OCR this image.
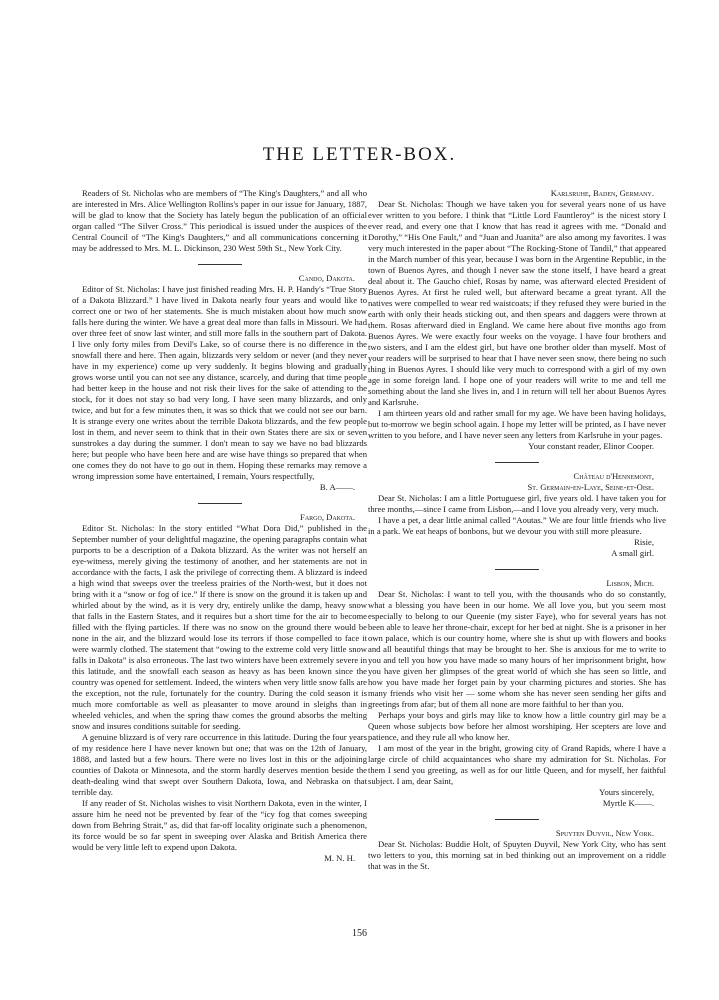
THE LETTER-BOX.

Readers of St. Nicholas who are members of “The King's Daughters,” and all who are interested in Mrs. Alice Wellington Rollins's paper in our issue for January, 1887, will be glad to know that the Society has lately begun the publication of an official organ called “The Silver Cross.” This periodical is issued under the auspices of the Central Council of “The King's Daughters,” and all communications concerning it may be addressed to Mrs. M. L. Dickinson, 230 West 59th St., New York City.

Cando, Dakota.

Editor of St. Nicholas: I have just finished reading Mrs. H. P. Handy's “True Story of a Dakota Blizzard.” I have lived in Dakota nearly four years and would like to correct one or two of her statements. She is much mistaken about how much snow falls here during the winter. We have a great deal more than falls in Missouri. We had over three feet of snow last winter, and still more falls in the southern part of Dakota. I live only forty miles from Devil's Lake, so of course there is no difference in the snowfall there and here. Then again, blizzards very seldom or never (and they never have in my experience) come up very suddenly. It begins blowing and gradually grows worse until you can not see any distance, scarcely, and during that time people had better keep in the house and not risk their lives for the sake of attending to the stock, for it does not stay so bad very long. I have seen many blizzards, and only twice, and but for a few minutes then, it was so thick that we could not see our barn. It is strange every one writes about the terrible Dakota blizzards, and the few people lost in them, and never seem to think that in their own States there are six or seven sunstrokes a day during the summer. I don't mean to say we have no bad blizzards here; but people who have been here and are wise have things so prepared that when one comes they do not have to go out in them. Hoping these remarks may remove a wrong impression some have entertained, I remain, Yours respectfully,

B. A——.

Fargo, Dakota.

Editor St. Nicholas: In the story entitled “What Dora Did,” published in the September number of your delightful magazine, the opening paragraphs contain what purports to be a description of a Dakota blizzard. As the writer was not herself an eye-witness, merely giving the testimony of another, and her statements are not in accordance with the facts, I ask the privilege of correcting them. A blizzard is indeed a high wind that sweeps over the treeless prairies of the North-west, but it does not bring with it a “snow or fog of ice.” If there is snow on the ground it is taken up and whirled about by the wind, as it is very dry, entirely unlike the damp, heavy snow that falls in the Eastern States, and it requires but a short time for the air to become filled with the flying particles. If there was no snow on the ground there would be none in the air, and the blizzard would lose its terrors if those compelled to face it were warmly clothed. The statement that “owing to the extreme cold very little snow falls in Dakota” is also erroneous. The last two winters have been extremely severe in this latitude, and the snowfall each season as heavy as has been known since the country was opened for settlement. Indeed, the winters when very little snow falls are the exception, not the rule, fortunately for the country. During the cold season it is much more comfortable as well as pleasanter to move around in sleighs than in wheeled vehicles, and when the spring thaw comes the ground absorbs the melting snow and insures conditions suitable for seeding.

A genuine blizzard is of very rare occurrence in this latitude. During the four years of my residence here I have never known but one; that was on the 12th of January, 1888, and lasted but a few hours. There were no lives lost in this or the adjoining counties of Dakota or Minnesota, and the storm hardly deserves mention beside the death-dealing wind that swept over Southern Dakota, Iowa, and Nebraska on that terrible day.

If any reader of St. Nicholas wishes to visit Northern Dakota, even in the winter, I assure him he need not be prevented by fear of the “icy fog that comes sweeping down from Behring Strait,” as, did that far-off locality originate such a phenomenon, its force would be so far spent in sweeping over Alaska and British America there would be very little left to expend upon Dakota.

M. N. H.

Karlsruhe, Baden, Germany.

Dear St. Nicholas: Though we have taken you for several years none of us have ever written to you before. I think that “Little Lord Fauntleroy” is the nicest story I ever read, and every one that I know that has read it agrees with me. “Donald and Dorothy,” “His One Fault,” and “Juan and Juanita” are also among my favorites. I was very much interested in the paper about “The Rocking-Stone of Tandil,” that appeared in the March number of this year, because I was born in the Argentine Republic, in the town of Buenos Ayres, and though I never saw the stone itself, I have heard a great deal about it. The Gaucho chief, Rosas by name, was afterward elected President of Buenos Ayres. At first he ruled well, but afterward became a great tyrant. All the natives were compelled to wear red waistcoats; if they refused they were buried in the earth with only their heads sticking out, and then spears and daggers were thrown at them. Rosas afterward died in England. We came here about five months ago from Buenos Ayres. We were exactly four weeks on the voyage. I have four brothers and two sisters, and I am the eldest girl, but have one brother older than myself. Most of your readers will be surprised to hear that I have never seen snow, there being no such thing in Buenos Ayres. I should like very much to correspond with a girl of my own age in some foreign land. I hope one of your readers will write to me and tell me something about the land she lives in, and I in return will tell her about Buenos Ayres and Karlsruhe.

I am thirteen years old and rather small for my age. We have been having holidays, but to-morrow we begin school again. I hope my letter will be printed, as I have never written to you before, and I have never seen any letters from Karlsruhe in your pages.

Your constant reader, Elinor Cooper.

Château d'Hennemont,

St. Germain-en-Laye, Seine-et-Oise.

Dear St. Nicholas: I am a little Portuguese girl, five years old. I have taken you for three months,—since I came from Lisbon,—and I love you already very, very much.

I have a pet, a dear little animal called “Aoutas.” We are four little friends who live in a park. We eat heaps of bonbons, but we devour you with still more pleasure.

Risie,

A small girl.

Lisbon, Mich.

Dear St. Nicholas: I want to tell you, with the thousands who do so constantly, what a blessing you have been in our home. We all love you, but you seem most especially to belong to our Queenie (my sister Faye), who for several years has not been able to leave her throne-chair, except for her bed at night. She is a prisoner in her own palace, which is our country home, where she is shut up with flowers and books and all beautiful things that may be brought to her. She is anxious for me to write to you and tell you how you have made so many hours of her imprisonment bright, how you have given her glimpses of the great world of which she has seen so little, and how you have made her forget pain by your charming pictures and stories. She has many friends who visit her — some whom she has never seen sending her gifts and greetings from afar; but of them all none are more faithful to her than you.

Perhaps your boys and girls may like to know how a little country girl may be a Queen whose subjects bow before her almost worshiping. Her scepters are love and patience, and they rule all who know her.

I am most of the year in the bright, growing city of Grand Rapids, where I have a large circle of child acquaintances who share my admiration for St. Nicholas. For them I send you greeting, as well as for our little Queen, and for myself, her faithful subject. I am, dear Saint,

Yours sincerely,

Myrtle K——.

Spuyten Duyvil, New York.

Dear St. Nicholas: Buddie Holt, of Spuyten Duyvil, New York City, who has sent two letters to you, this morning sat in bed thinking out an improvement on a riddle that was in the St.

156
